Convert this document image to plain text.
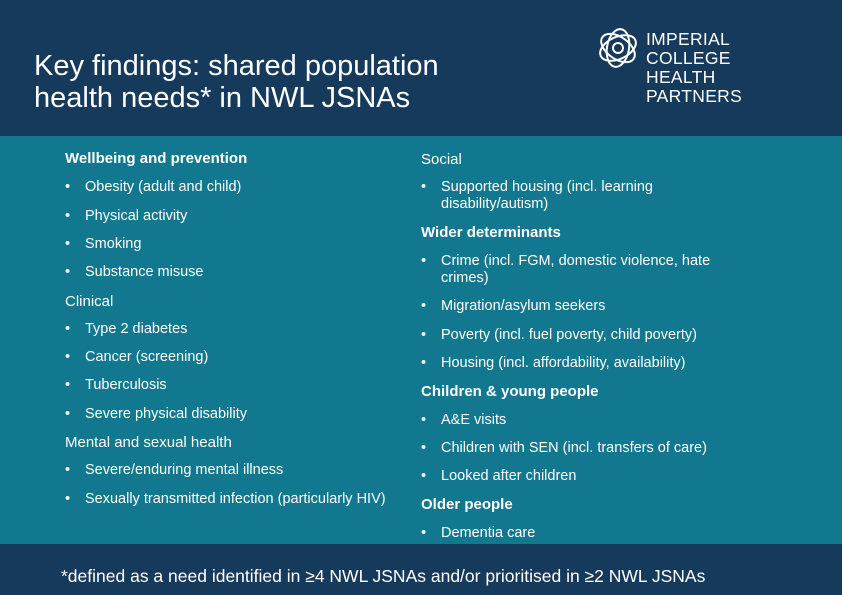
Key findings: shared population
health needs* in NWL JSNAs
IMPERIAL COLLEGE
HEALTH PARTNERS
Wellbeing and prevention
• Obesity (adult and child)
• Physical activity
• Smoking
• Substance misuse
Clinical
• Type 2 diabetes
• Cancer (screening)
• Tuberculosis
• Severe physical disability
Mental and sexual health
• Severe/enduring mental illness
• Sexually transmitted infection (particularly HIV)
Social
• Supported housing (incl. learning disability/autism)
Wider determinants
• Crime (incl. FGM, domestic violence, hate crimes)
• Migration/asylum seekers
• Poverty (incl. fuel poverty, child poverty)
• Housing (incl. affordability, availability)
Children & young people
• A&E visits
• Children with SEN (incl. transfers of care)
• Looked after children
Older people
• Dementia care
*defined as a need identified in ≥4 NWL JSNAs and/or prioritised in ≥2 NWL JSNAs
